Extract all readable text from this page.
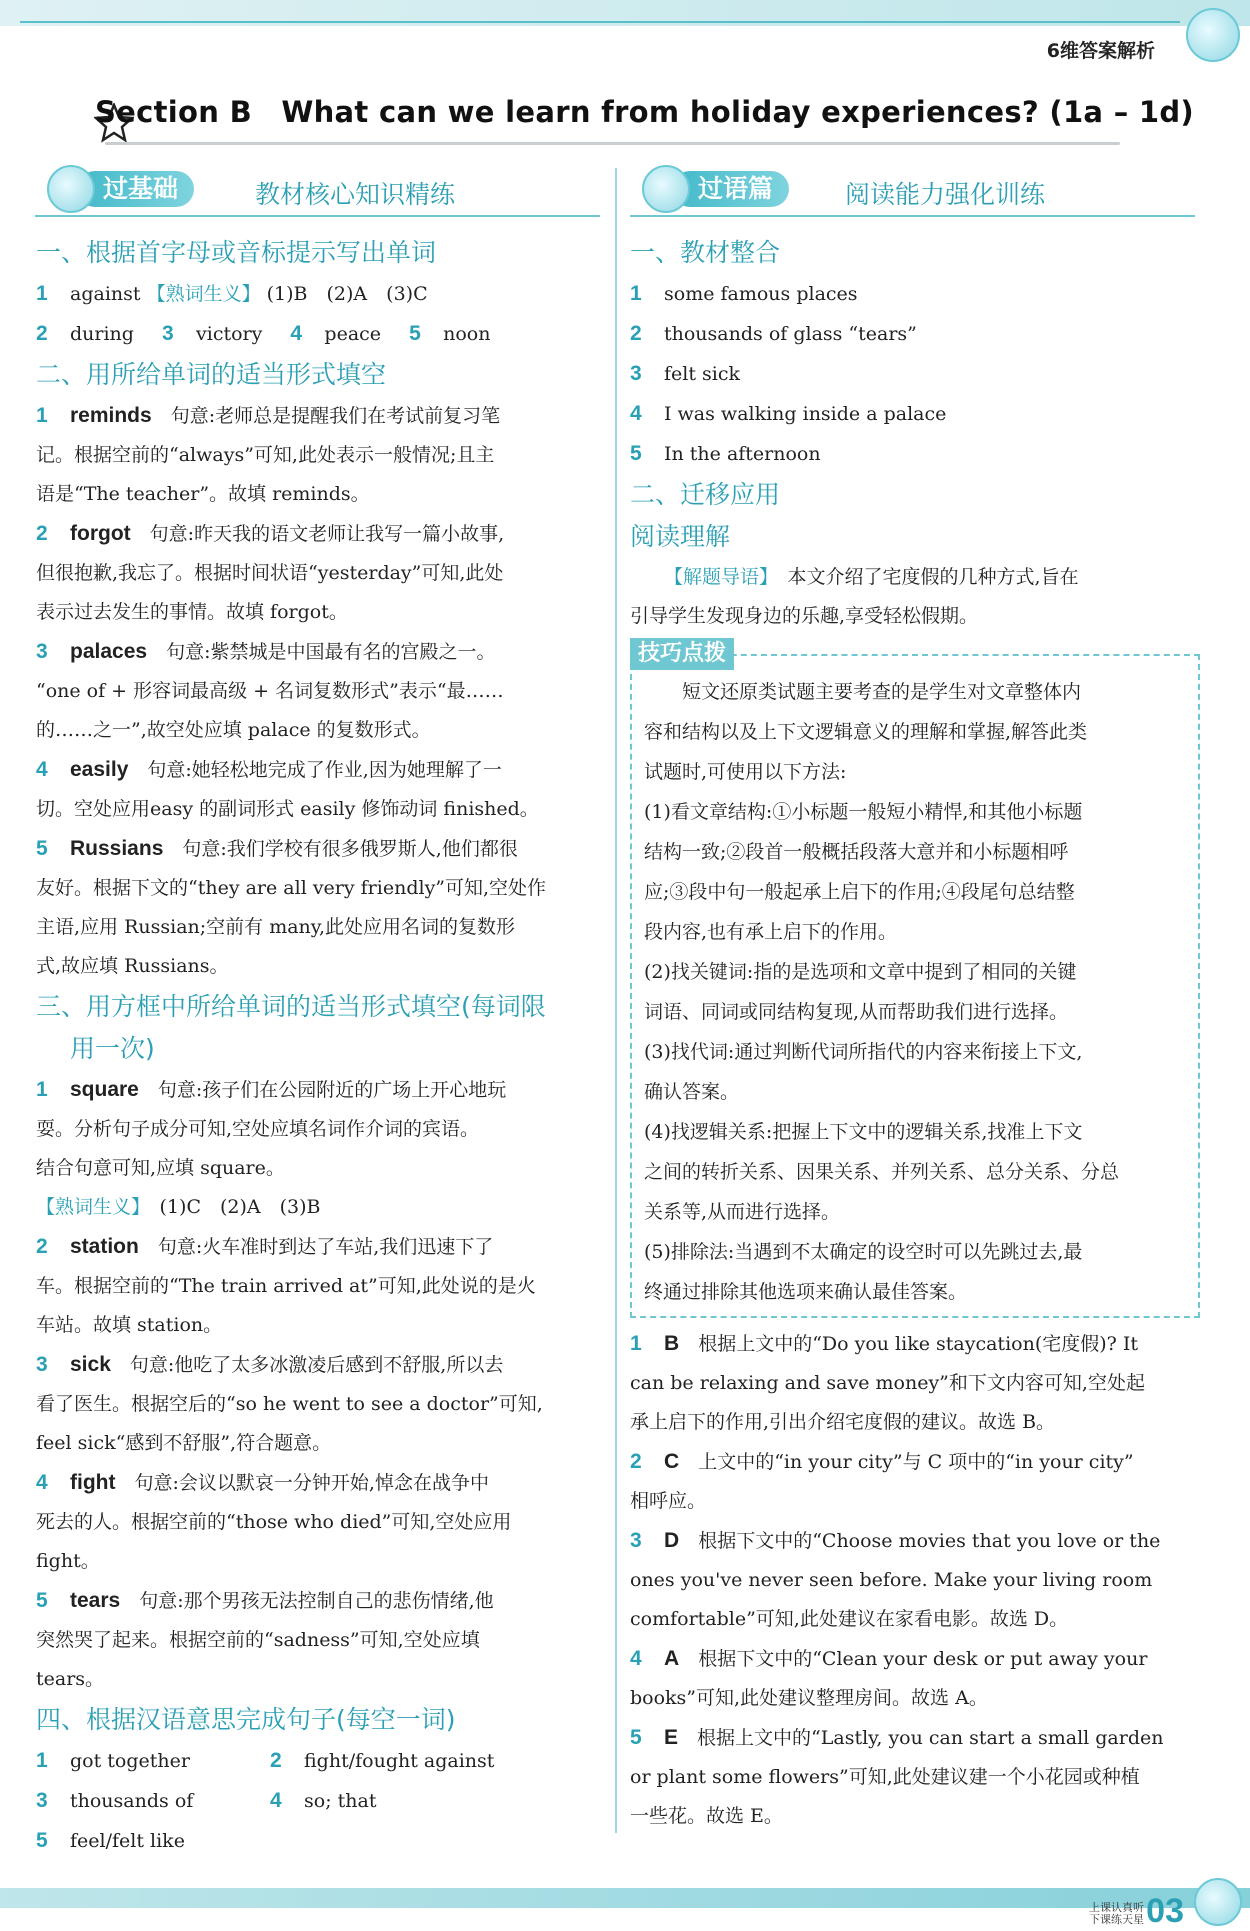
6维答案解析
Section B　What can we learn from holiday experiences? (1a – 1d)
过基础	教材核心知识精练	过语篇	阅读能力强化训练
一、根据首字母或音标提示写出单词
1 against 【熟词生义】 (1)B　(2)A　(3)C
2 during 3 victory 4 peace 5 noon
二、用所给单词的适当形式填空
1 reminds　 句意:老师总是提醒我们在考试前复习笔
记。根据空前的“always”可知,此处表示一般情况;且主
语是“The teacher”。故填 reminds。
2 forgot　 句意:昨天我的语文老师让我写一篇小故事,
但很抱歉,我忘了。根据时间状语“yesterday”可知,此处
表示过去发生的事情。故填 forgot。
3 palaces　 句意:紫禁城是中国最有名的宫殿之一。
“one of + 形容词最高级 + 名词复数形式”表示“最……
的……之一”,故空处应填 palace 的复数形式。
4 easily　 句意:她轻松地完成了作业,因为她理解了一
切。空处应用easy 的副词形式 easily 修饰动词 finished。
5 Russians　 句意:我们学校有很多俄罗斯人,他们都很
友好。根据下文的“they are all very friendly”可知,空处作
主语,应用 Russian;空前有 many,此处应用名词的复数形
式,故应填 Russians。
三、用方框中所给单词的适当形式填空(每词限
用一次)
1 square　 句意:孩子们在公园附近的广场上开心地玩
耍。分析句子成分可知,空处应填名词作介词的宾语。
结合句意可知,应填 square。
【熟词生义】　 (1)C　(2)A　(3)B
2 station　 句意:火车准时到达了车站,我们迅速下了
车。根据空前的“The train arrived at”可知,此处说的是火
车站。故填 station。
3 sick　 句意:他吃了太多冰激凌后感到不舒服,所以去
看了医生。根据空后的“so he went to see a doctor”可知,
feel sick“感到不舒服”,符合题意。
4 fight　 句意:会议以默哀一分钟开始,悼念在战争中
死去的人。根据空前的“those who died”可知,空处应用
fight。
5 tears　 句意:那个男孩无法控制自己的悲伤情绪,他
突然哭了起来。根据空前的“sadness”可知,空处应填
tears。
四、根据汉语意思完成句子(每空一词)
1 got together	2 fight/fought against
3 thousands of	4 so; that
5 feel/felt like
一、教材整合
1 some famous places
2 thousands of glass “tears”
3 felt sick
4 I was walking inside a palace
5 In the afternoon
二、迁移应用
阅读理解
【解题导语】　 本文介绍了宅度假的几种方式,旨在
引导学生发现身边的乐趣,享受轻松假期。
技巧点拨
　　短文还原类试题主要考查的是学生对文章整体内
容和结构以及上下文逻辑意义的理解和掌握,解答此类
试题时,可使用以下方法:
(1)看文章结构:①小标题一般短小精悍,和其他小标题
结构一致;②段首一般概括段落大意并和小标题相呼
应;③段中句一般起承上启下的作用;④段尾句总结整
段内容,也有承上启下的作用。
(2)找关键词:指的是选项和文章中提到了相同的关键
词语、同词或同结构复现,从而帮助我们进行选择。
(3)找代词:通过判断代词所指代的内容来衔接上下文,
确认答案。
(4)找逻辑关系:把握上下文中的逻辑关系,找准上下文
之间的转折关系、因果关系、并列关系、总分关系、分总
关系等,从而进行选择。
(5)排除法:当遇到不太确定的设空时可以先跳过去,最
终通过排除其他选项来确认最佳答案。
1 B　 根据上文中的“Do you like staycation(宅度假)? It
can be relaxing and save money”和下文内容可知,空处起
承上启下的作用,引出介绍宅度假的建议。故选 B。
2 C　 上文中的“in your city”与 C 项中的“in your city”
相呼应。
3 D　 根据下文中的“Choose movies that you love or the
ones you've never seen before. Make your living room
comfortable”可知,此处建议在家看电影。故选 D。
4 A　 根据下文中的“Clean your desk or put away your
books”可知,此处建议整理房间。故选 A。
5 E　 根据上文中的“Lastly, you can start a small garden
or plant some flowers”可知,此处建议建一个小花园或种植
一些花。故选 E。
上课认真听
下课练天星 03
